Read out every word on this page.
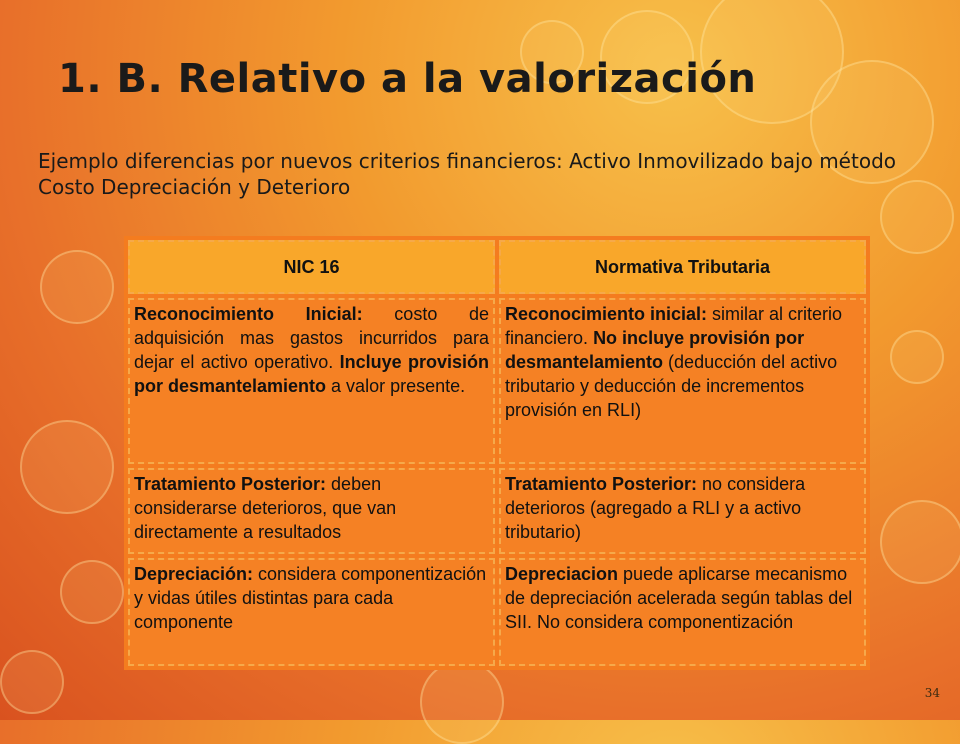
1. B. Relativo a la valorización

Ejemplo diferencias por nuevos criterios financieros: Activo Inmovilizado bajo método Costo Depreciación y Deterioro

NIC 16	Normativa Tributaria
Reconocimiento Inicial: costo de adquisición mas gastos incurridos para dejar el activo operativo. Incluye provisión por desmantelamiento a valor presente.	Reconocimiento inicial: similar al criterio financiero. No incluye provisión por desmantelamiento (deducción del activo tributario y deducción de incrementos provisión en RLI)
Tratamiento Posterior: deben considerarse deterioros, que van directamente a resultados	Tratamiento Posterior: no considera deterioros (agregado a RLI y a activo tributario)
Depreciación: considera componentización y vidas útiles distintas para cada componente	Depreciacion puede aplicarse mecanismo de depreciación acelerada según tablas del SII. No considera componentización
34
